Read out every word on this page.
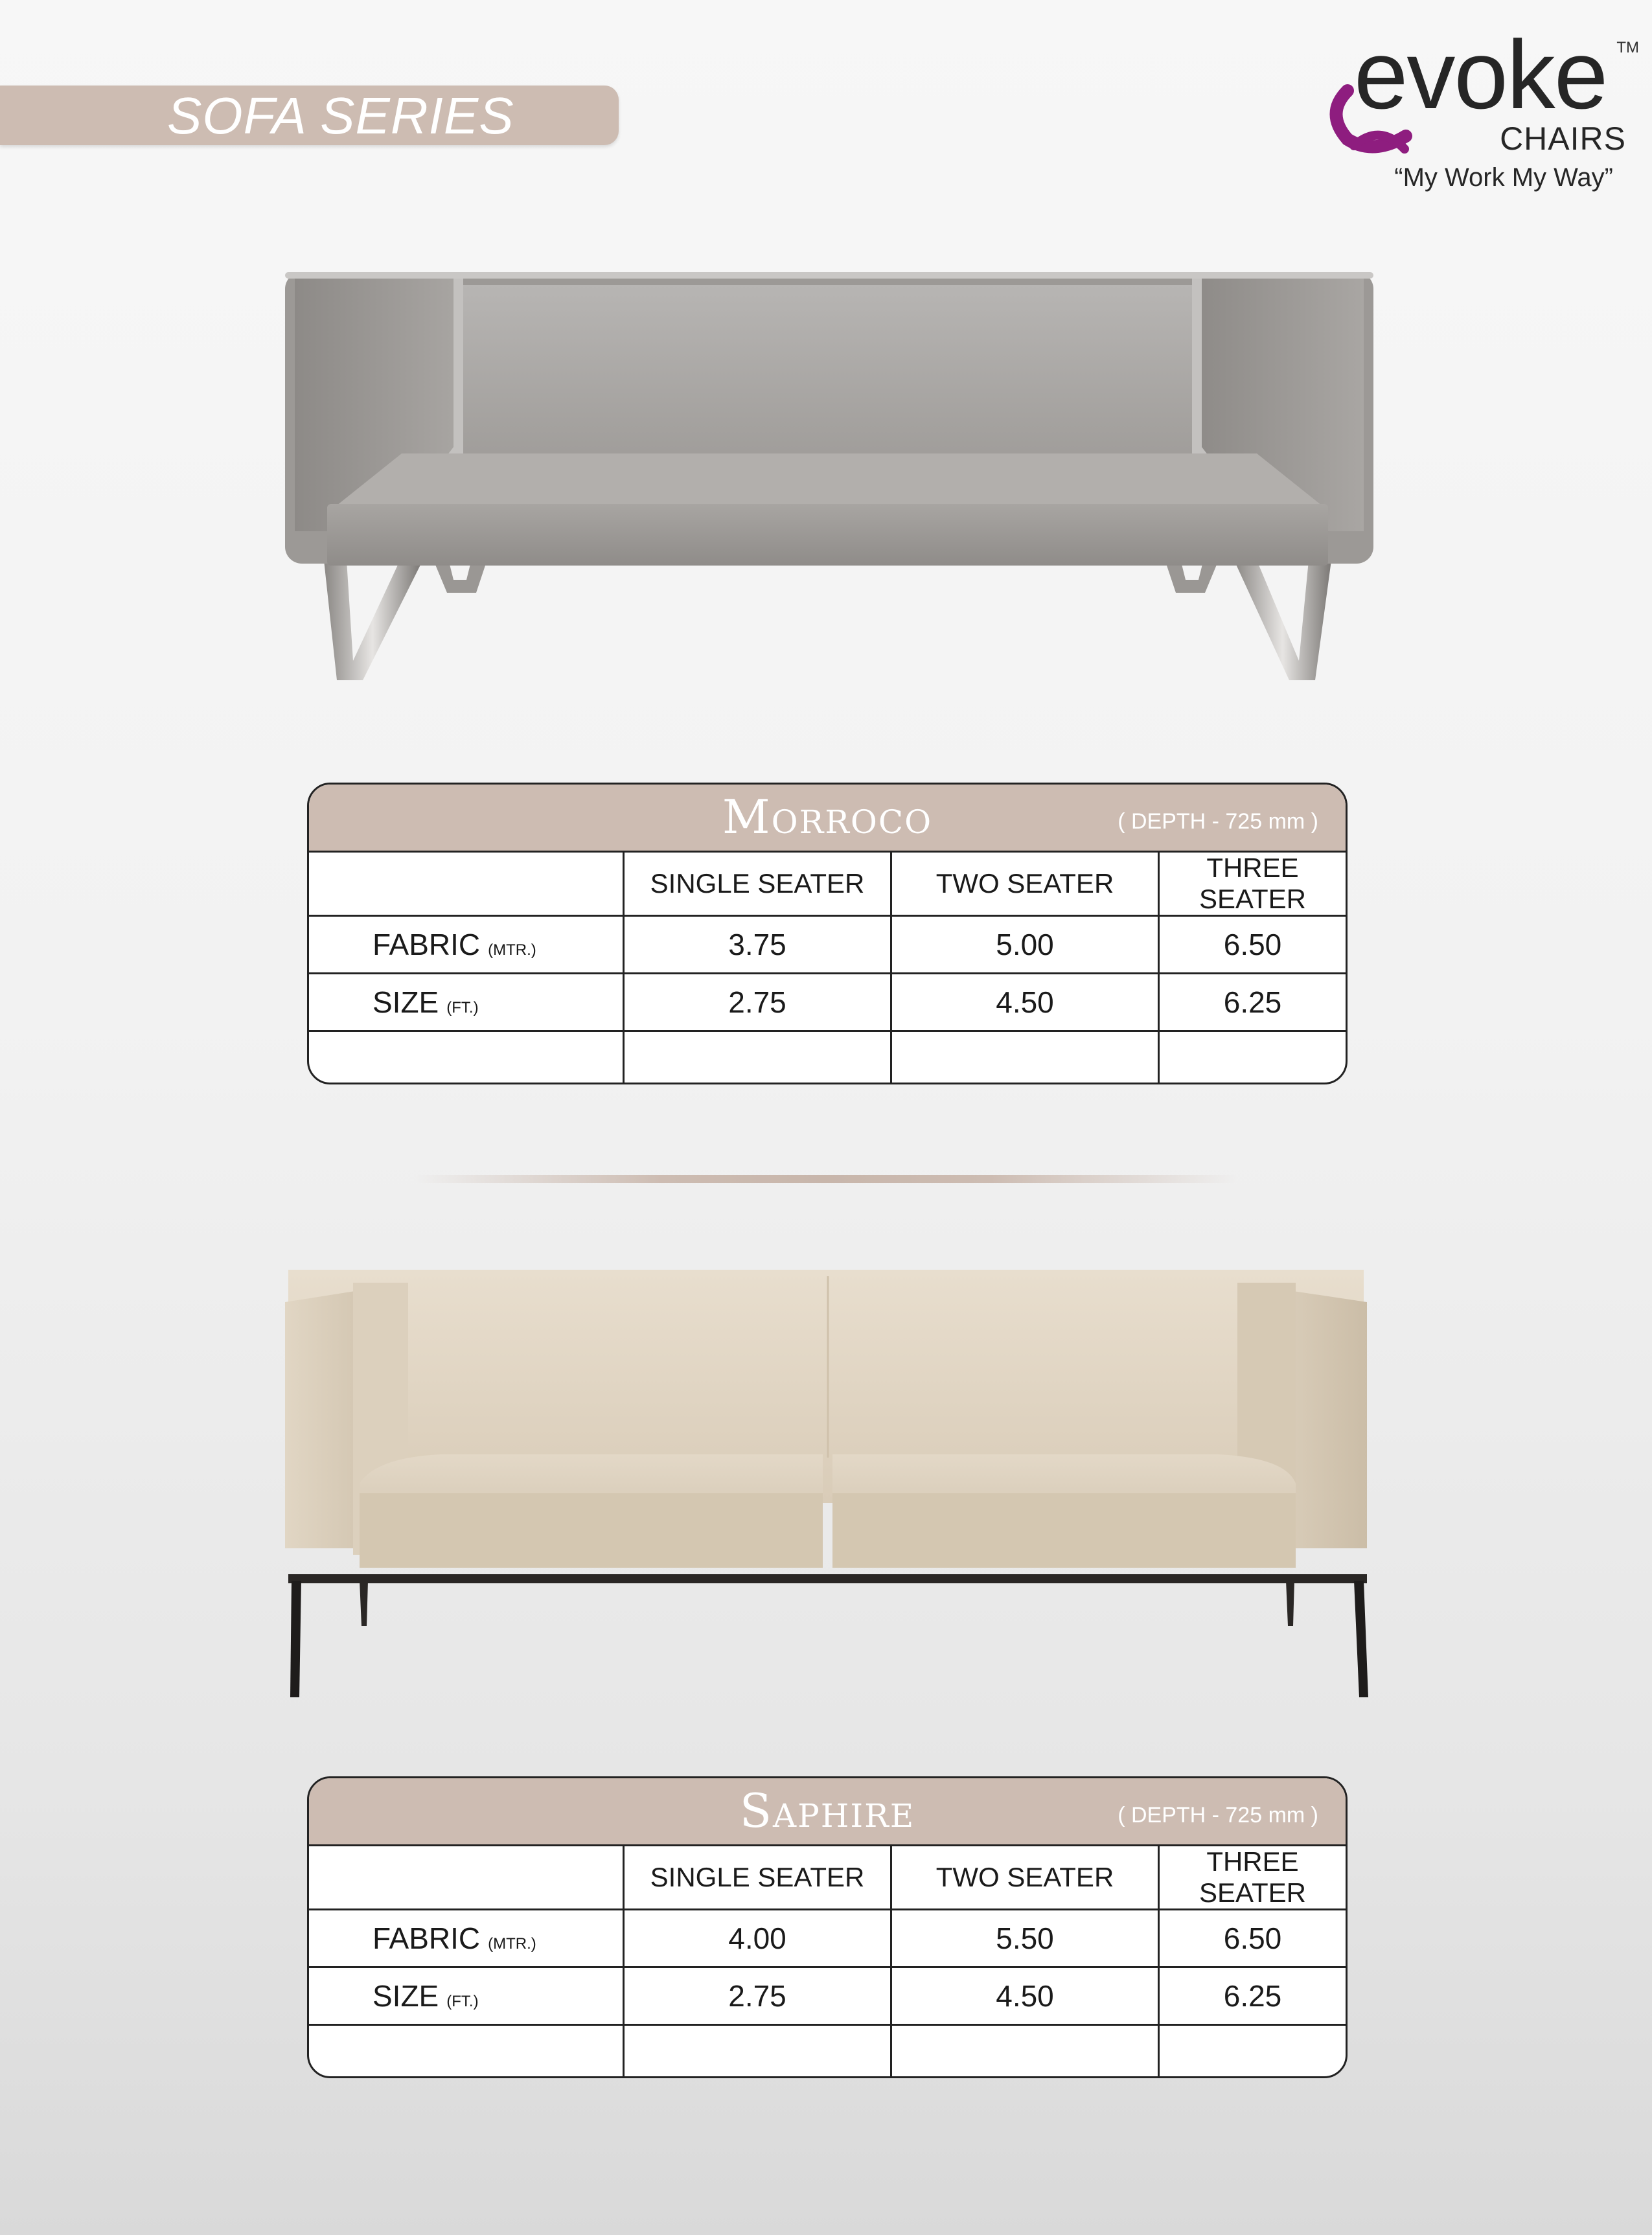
SOFA SERIES	evoke TM
CHAIRS
“My Work My Way”
Morroco	( DEPTH - 725 mm )
	SINGLE SEATER	TWO SEATER	THREE SEATER
FABRIC (MTR.)	3.75	5.00	6.50
SIZE (FT.)	2.75	4.50	6.25

Saphire	( DEPTH - 725 mm )
	SINGLE SEATER	TWO SEATER	THREE SEATER
FABRIC (MTR.)	4.00	5.50	6.50
SIZE (FT.)	2.75	4.50	6.25
